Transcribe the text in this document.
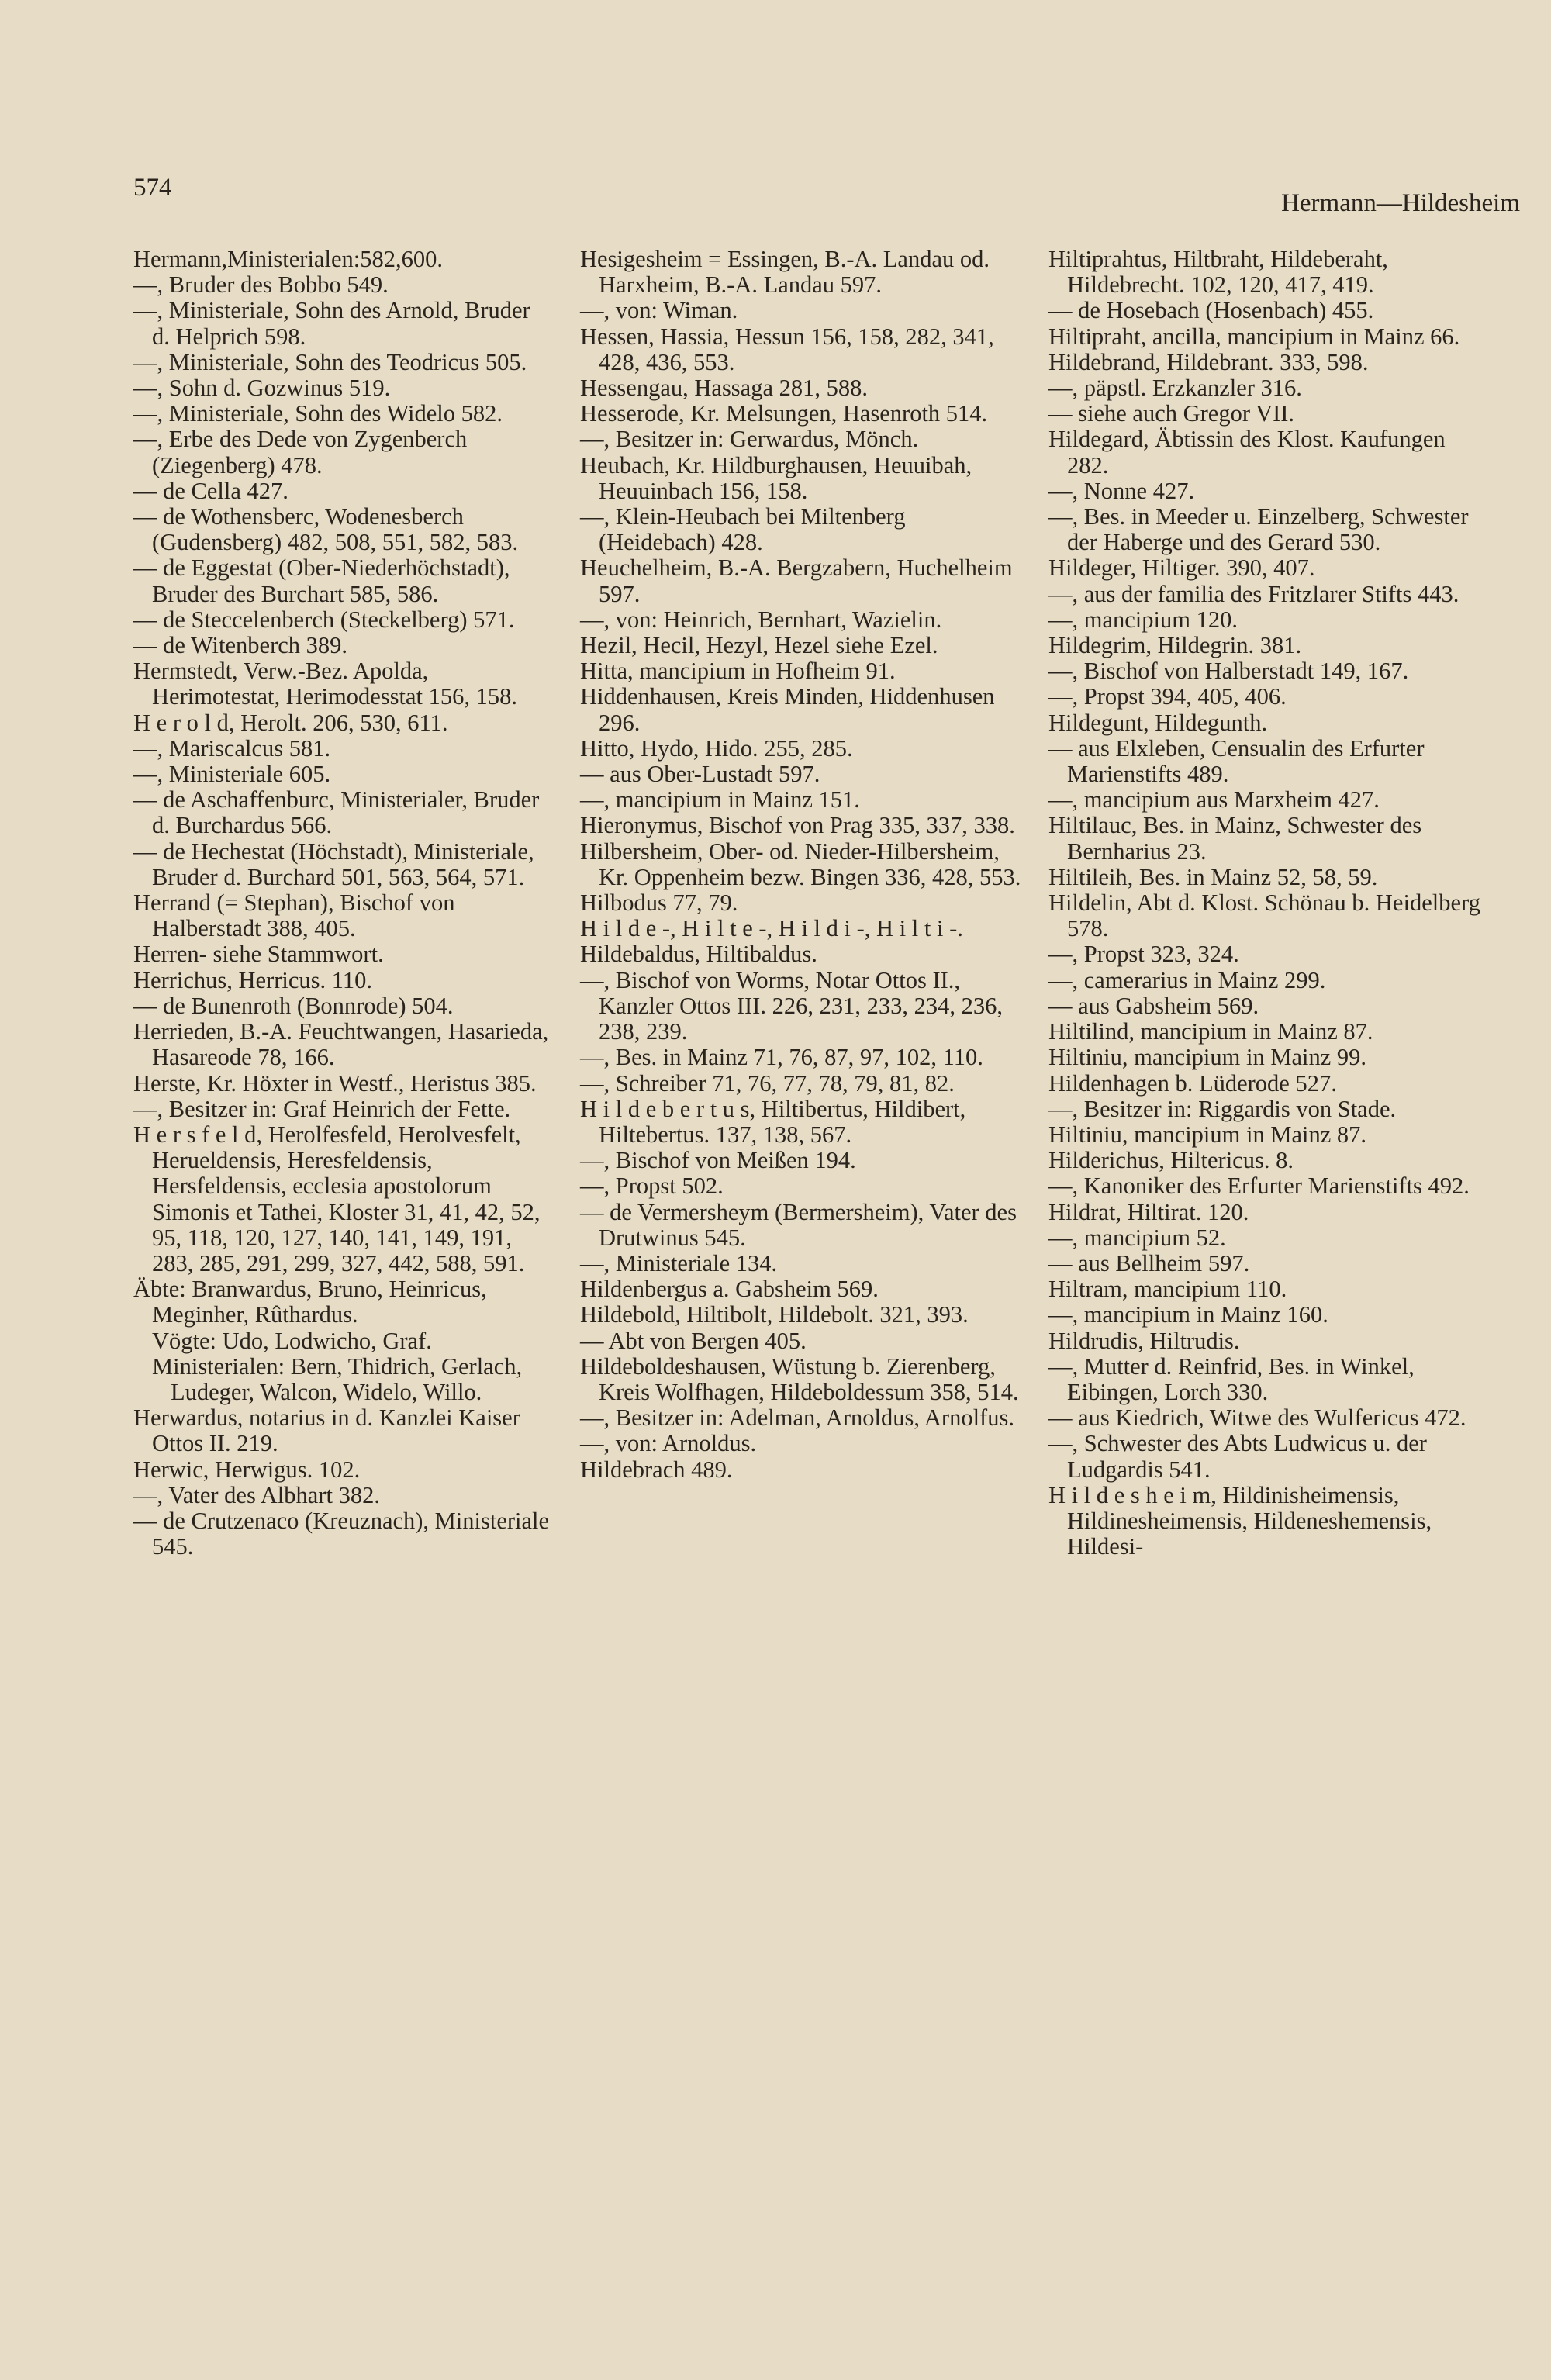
574
Hermann—Hildesheim
Hermann,Ministerialen:582,600.
—, Bruder des Bobbo 549.
—, Ministeriale, Sohn des Arnold, Bruder d. Helprich 598.
—, Ministeriale, Sohn des Teodricus 505.
—, Sohn d. Gozwinus 519.
—, Ministeriale, Sohn des Widelo 582.
—, Erbe des Dede von Zygenberch (Ziegenberg) 478.
— de Cella 427.
— de Wothensberc, Wodenesberch (Gudensberg) 482, 508, 551, 582, 583.
— de Eggestat (Ober-Niederhöchstadt), Bruder des Burchart 585, 586.
— de Steccelenberch (Steckelberg) 571.
— de Witenberch 389.
Hermstedt, Verw.-Bez. Apolda, Herimotestat, Herimodesstat 156, 158.
H e r o l d, Herolt. 206, 530, 611.
—, Mariscalcus 581.
—, Ministeriale 605.
— de Aschaffenburc, Ministerialer, Bruder d. Burchardus 566.
— de Hechestat (Höchstadt), Ministeriale, Bruder d. Burchard 501, 563, 564, 571.
Herrand (= Stephan), Bischof von Halberstadt 388, 405.
Herren- siehe Stammwort.
Herrichus, Herricus. 110.
— de Bunenroth (Bonnrode) 504.
Herrieden, B.-A. Feuchtwangen, Hasarieda, Hasareode 78, 166.
Herste, Kr. Höxter in Westf., Heristus 385.
—, Besitzer in: Graf Heinrich der Fette.
H e r s f e l d, Herolfesfeld, Herolvesfelt, Herueldensis, Heresfeldensis, Hersfeldensis, ecclesia apostolorum Simonis et Tathei, Kloster 31, 41, 42, 52, 95, 118, 120, 127, 140, 141, 149, 191, 283, 285, 291, 299, 327, 442, 588, 591.
Äbte: Branwardus, Bruno, Heinricus, Meginher, Rûthardus.
Vögte: Udo, Lodwicho, Graf.
Ministerialen: Bern, Thidrich, Gerlach, Ludeger, Walcon, Widelo, Willo.
Herwardus, notarius in d. Kanzlei Kaiser Ottos II. 219.
Herwic, Herwigus. 102.
—, Vater des Albhart 382.
— de Crutzenaco (Kreuznach), Ministeriale 545.
Hesigesheim = Essingen, B.-A. Landau od. Harxheim, B.-A. Landau 597.
—, von: Wiman.
Hessen, Hassia, Hessun 156, 158, 282, 341, 428, 436, 553.
Hessengau, Hassaga 281, 588.
Hesserode, Kr. Melsungen, Hasenroth 514.
—, Besitzer in: Gerwardus, Mönch.
Heubach, Kr. Hildburghausen, Heuuibah, Heuuinbach 156, 158.
—, Klein-Heubach bei Miltenberg (Heidebach) 428.
Heuchelheim, B.-A. Bergzabern, Huchelheim 597.
—, von: Heinrich, Bernhart, Wazielin.
Hezil, Hecil, Hezyl, Hezel siehe Ezel.
Hitta, mancipium in Hofheim 91.
Hiddenhausen, Kreis Minden, Hiddenhusen 296.
Hitto, Hydo, Hido. 255, 285.
— aus Ober-Lustadt 597.
—, mancipium in Mainz 151.
Hieronymus, Bischof von Prag 335, 337, 338.
Hilbersheim, Ober- od. Nieder-Hilbersheim, Kr. Oppenheim bezw. Bingen 336, 428, 553.
Hilbodus 77, 79.
H i l d e -, H i l t e -, H i l d i -, H i l t i -.
Hildebaldus, Hiltibaldus.
—, Bischof von Worms, Notar Ottos II., Kanzler Ottos III. 226, 231, 233, 234, 236, 238, 239.
—, Bes. in Mainz 71, 76, 87, 97, 102, 110.
—, Schreiber 71, 76, 77, 78, 79, 81, 82.
H i l d e b e r t u s, Hiltibertus, Hildibert, Hiltebertus. 137, 138, 567.
—, Bischof von Meißen 194.
—, Propst 502.
— de Vermersheym (Bermersheim), Vater des Drutwinus 545.
—, Ministeriale 134.
Hildenbergus a. Gabsheim 569.
Hildebold, Hiltibolt, Hildebolt. 321, 393.
— Abt von Bergen 405.
Hildeboldeshausen, Wüstung b. Zierenberg, Kreis Wolfhagen, Hildeboldessum 358, 514.
—, Besitzer in: Adelman, Arnoldus, Arnolfus.
—, von: Arnoldus.
Hildebrach 489.
Hiltiprahtus, Hiltbraht, Hildeberaht, Hildebrecht. 102, 120, 417, 419.
— de Hosebach (Hosenbach) 455.
Hiltipraht, ancilla, mancipium in Mainz 66.
Hildebrand, Hildebrant. 333, 598.
—, päpstl. Erzkanzler 316.
— siehe auch Gregor VII.
Hildegard, Äbtissin des Klost. Kaufungen 282.
—, Nonne 427.
—, Bes. in Meeder u. Einzelberg, Schwester der Haberge und des Gerard 530.
Hildeger, Hiltiger. 390, 407.
—, aus der familia des Fritzlarer Stifts 443.
—, mancipium 120.
Hildegrim, Hildegrin. 381.
—, Bischof von Halberstadt 149, 167.
—, Propst 394, 405, 406.
Hildegunt, Hildegunth.
— aus Elxleben, Censualin des Erfurter Marienstifts 489.
—, mancipium aus Marxheim 427.
Hiltilauc, Bes. in Mainz, Schwester des Bernharius 23.
Hiltileih, Bes. in Mainz 52, 58, 59.
Hildelin, Abt d. Klost. Schönau b. Heidelberg 578.
—, Propst 323, 324.
—, camerarius in Mainz 299.
— aus Gabsheim 569.
Hiltilind, mancipium in Mainz 87.
Hiltiniu, mancipium in Mainz 99.
Hildenhagen b. Lüderode 527.
—, Besitzer in: Riggardis von Stade.
Hiltiniu, mancipium in Mainz 87.
Hilderichus, Hiltericus. 8.
—, Kanoniker des Erfurter Marienstifts 492.
Hildrat, Hiltirat. 120.
—, mancipium 52.
— aus Bellheim 597.
Hiltram, mancipium 110.
—, mancipium in Mainz 160.
Hildrudis, Hiltrudis.
—, Mutter d. Reinfrid, Bes. in Winkel, Eibingen, Lorch 330.
— aus Kiedrich, Witwe des Wulfericus 472.
—, Schwester des Abts Ludwicus u. der Ludgardis 541.
H i l d e s h e i m, Hildinisheimensis, Hildinesheimensis, Hildeneshemensis, Hildesi-
